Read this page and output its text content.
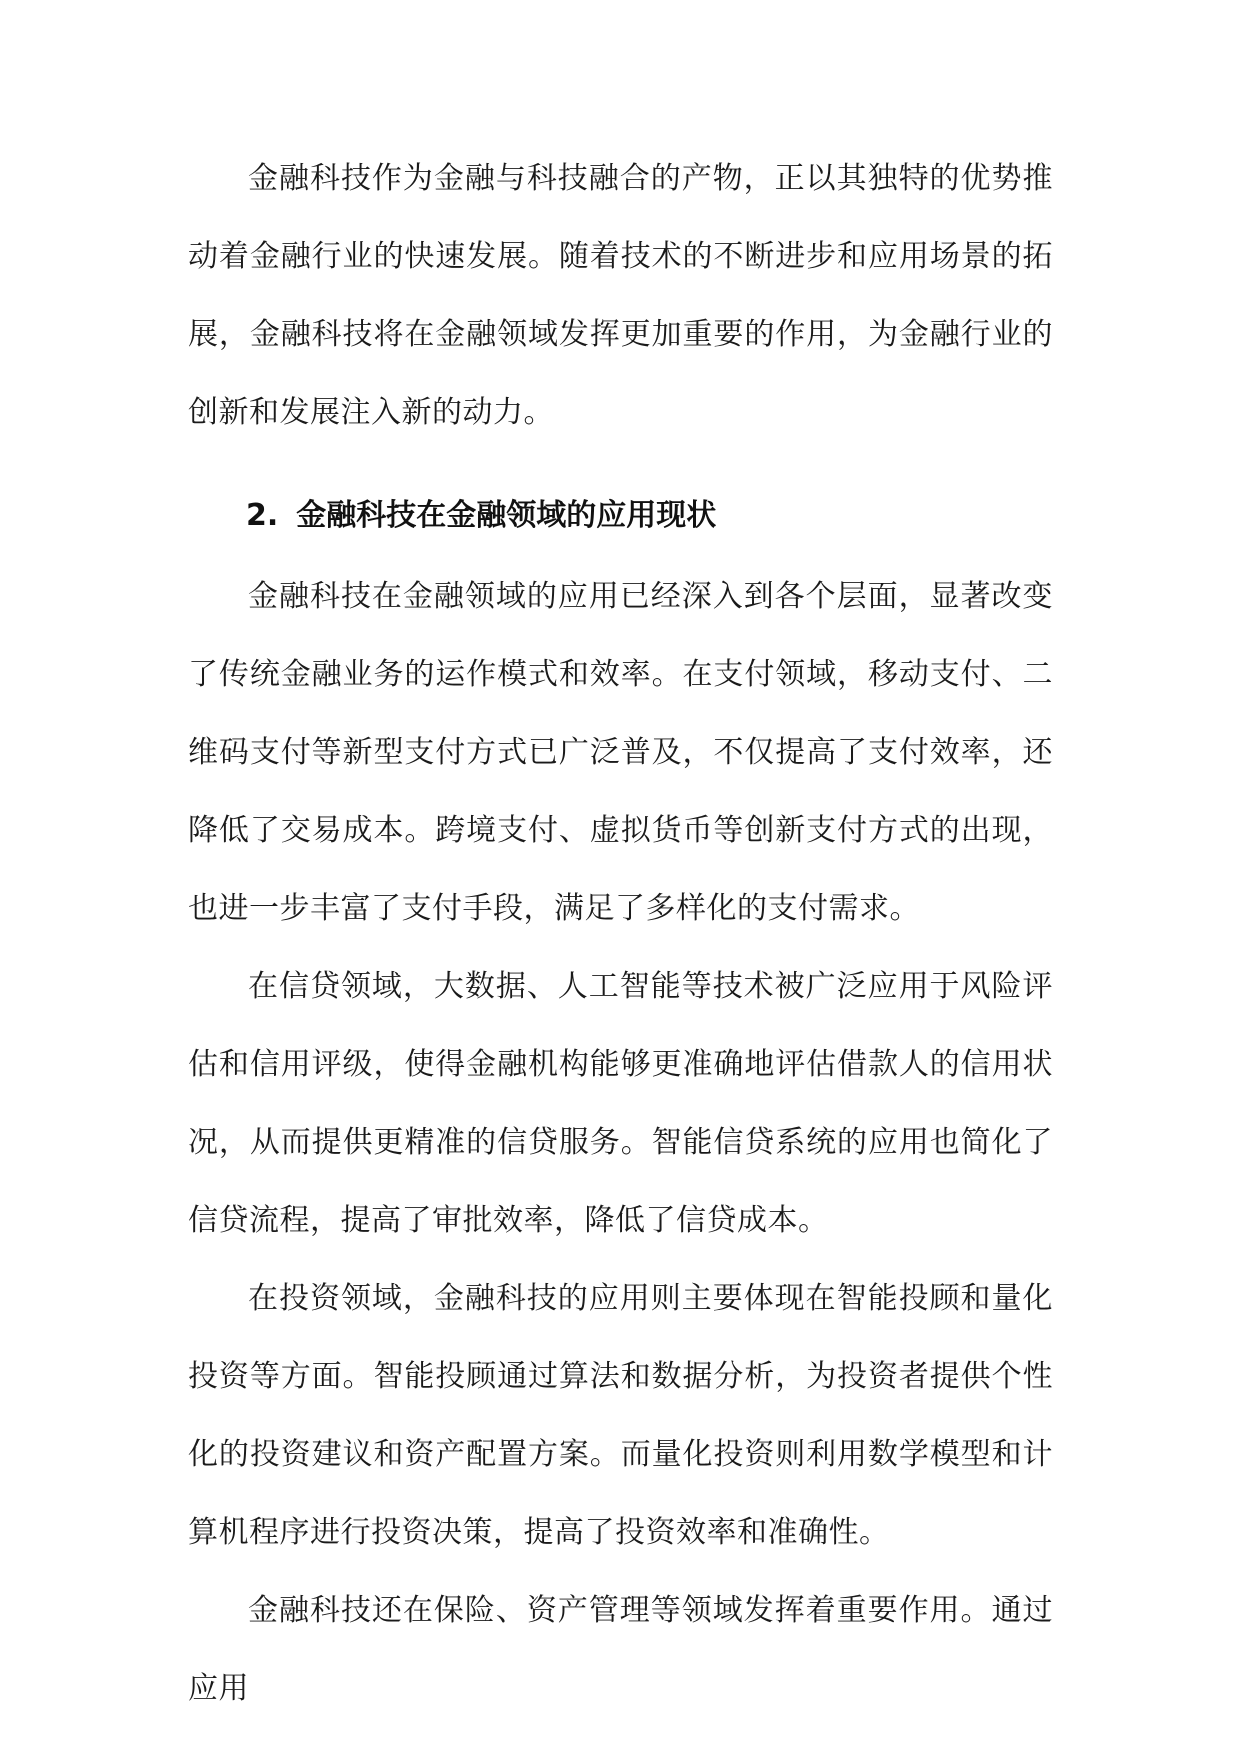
金融科技作为金融与科技融合的产物，正以其独特的优势推动着金融行业的快速发展。随着技术的不断进步和应用场景的拓展，金融科技将在金融领域发挥更加重要的作用，为金融行业的创新和发展注入新的动力。

2. 金融科技在金融领域的应用现状

金融科技在金融领域的应用已经深入到各个层面，显著改变了传统金融业务的运作模式和效率。在支付领域，移动支付、二维码支付等新型支付方式已广泛普及，不仅提高了支付效率，还降低了交易成本。跨境支付、虚拟货币等创新支付方式的出现，也进一步丰富了支付手段，满足了多样化的支付需求。

在信贷领域，大数据、人工智能等技术被广泛应用于风险评估和信用评级，使得金融机构能够更准确地评估借款人的信用状况，从而提供更精准的信贷服务。智能信贷系统的应用也简化了信贷流程，提高了审批效率，降低了信贷成本。

在投资领域，金融科技的应用则主要体现在智能投顾和量化投资等方面。智能投顾通过算法和数据分析，为投资者提供个性化的投资建议和资产配置方案。而量化投资则利用数学模型和计算机程序进行投资决策，提高了投资效率和准确性。

金融科技还在保险、资产管理等领域发挥着重要作用。通过应用
